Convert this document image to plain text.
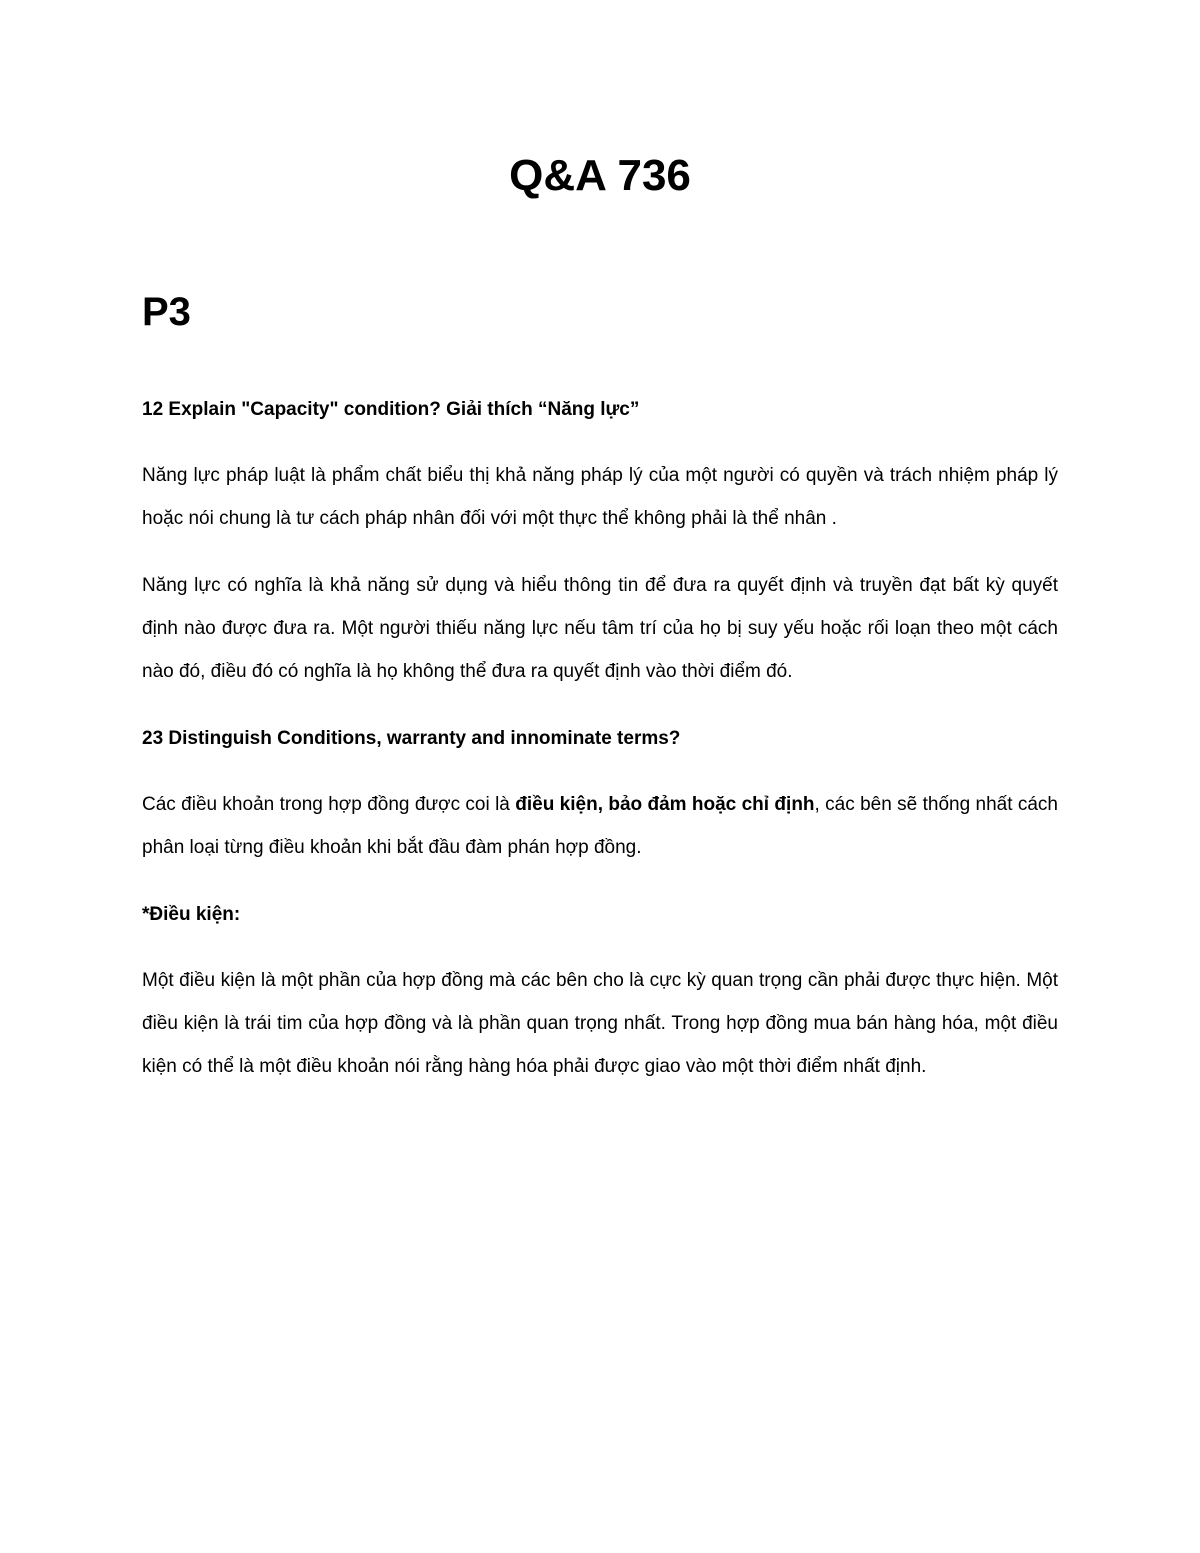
Q&A 736
P3

12 Explain "Capacity" condition? Giải thích “Năng lực”

Năng lực pháp luật là phẩm chất biểu thị khả năng pháp lý của một người có quyền và trách nhiệm pháp lý hoặc nói chung là tư cách pháp nhân đối với một thực thể không phải là thể nhân .

Năng lực có nghĩa là khả năng sử dụng và hiểu thông tin để đưa ra quyết định và truyền đạt bất kỳ quyết định nào được đưa ra. Một người thiếu năng lực nếu tâm trí của họ bị suy yếu hoặc rối loạn theo một cách nào đó, điều đó có nghĩa là họ không thể đưa ra quyết định vào thời điểm đó.

23 Distinguish Conditions, warranty and innominate terms?

Các điều khoản trong hợp đồng được coi là điều kiện, bảo đảm hoặc chỉ định, các bên sẽ thống nhất cách phân loại từng điều khoản khi bắt đầu đàm phán hợp đồng.

*Điều kiện:

Một điều kiện là một phần của hợp đồng mà các bên cho là cực kỳ quan trọng cần phải được thực hiện. Một điều kiện là trái tim của hợp đồng và là phần quan trọng nhất. Trong hợp đồng mua bán hàng hóa, một điều kiện có thể là một điều khoản nói rằng hàng hóa phải được giao vào một thời điểm nhất định.
